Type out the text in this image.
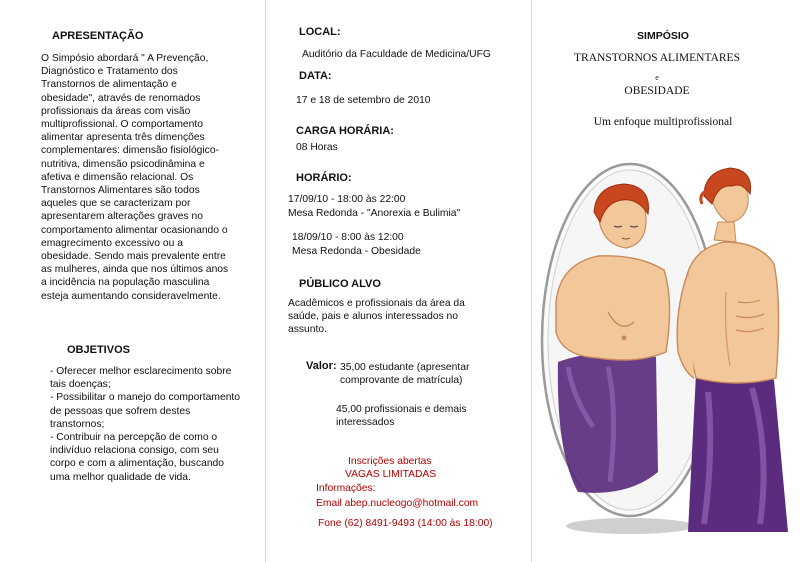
APRESENTAÇÃO
O Simpósio abordará " A Prevenção,
Diagnóstico e Tratamento dos
Transtornos de alimentação e
obesidade", através de renomados
profissionais da áreas com visão
multiprofissional. O comportamento
alimentar apresenta três dimenções
complementares: dimensão fisiológico-
nutritiva, dimensão psicodinâmina e
afetiva e dimensão relacional. Os
Transtornos Alimentares são todos
aqueles que se caracterizam por
apresentarem alterações graves no
comportamento alimentar ocasionando o
emagrecimento excessivo ou a
obesidade. Sendo mais prevalente entre
as mulheres, ainda que nos últimos anos
a incidência na população masculina
esteja aumentando consideravelmente.
OBJETIVOS
- Oferecer melhor esclarecimento sobre
tais doenças;
- Possibilitar o manejo do comportamento
de pessoas que sofrem destes
transtornos;
- Contribuir na percepção de como o
indivíduo relaciona consigo, com seu
corpo e com a alimentação, buscando
uma melhor qualidade de vida.
LOCAL:
Auditório da Faculdade de Medicina/UFG
DATA:
17 e 18 de setembro de 2010
CARGA HORÁRIA:
08 Horas
HORÁRIO:
17/09/10 - 18:00 às 22:00
Mesa Redonda - "Anorexia e Bulimia"
18/09/10 - 8:00 às 12:00
Mesa Redonda - Obesidade
PÚBLICO ALVO
Acadêmicos e profissionais da área da
saúde, pais e alunos interessados no
assunto.
Valor: 35,00 estudante (apresentar
comprovante de matrícula)
45,00 profissionais e demais
interessados
Inscrições abertas
VAGAS LIMITADAS
Informações:
Email abep.nucleogo@hotmail.com
Fone (62) 8491-9493 (14:00 às 18:00)
SIMPÓSIO
TRANSTORNOS ALIMENTARES
e
OBESIDADE
Um enfoque multiprofissional
